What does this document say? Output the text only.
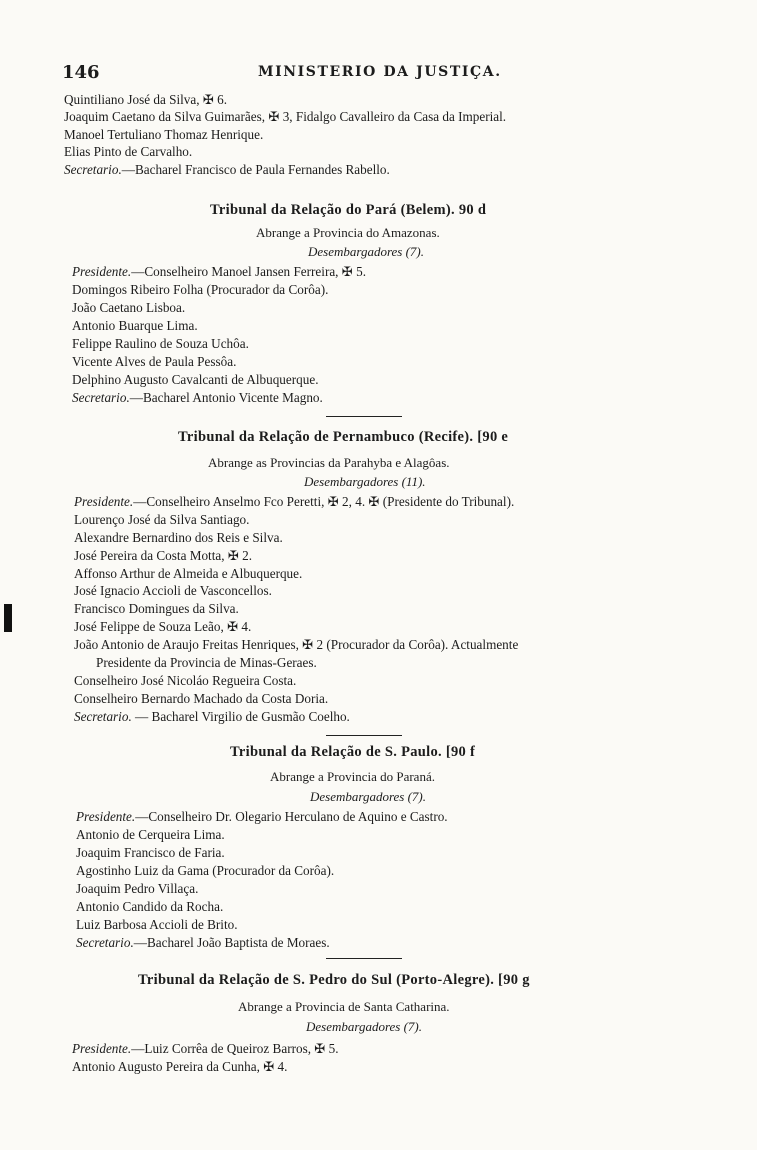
146	MINISTERIO DA JUSTIÇA.
Quintiliano José da Silva, ✠ 6.
Joaquim Caetano da Silva Guimarães, ✠ 3, Fidalgo Cavalleiro da Casa da Imperial.
Manoel Tertuliano Thomaz Henrique.
Elias Pinto de Carvalho.
Secretario.—Bacharel Francisco de Paula Fernandes Rabello.
Tribunal da Relação do Pará (Belem). 90 d
Abrange a Provincia do Amazonas.
Desembargadores (7).
Presidente.—Conselheiro Manoel Jansen Ferreira, ✠ 5.
Domingos Ribeiro Folha (Procurador da Corôa).
João Caetano Lisboa.
Antonio Buarque Lima.
Felippe Raulino de Souza Uchôa.
Vicente Alves de Paula Pessôa.
Delphino Augusto Cavalcanti de Albuquerque.
Secretario.—Bacharel Antonio Vicente Magno.
Tribunal da Relação de Pernambuco (Recife). [90 e
Abrange as Provincias da Parahyba e Alagôas.
Desembargadores (11).
Presidente.—Conselheiro Anselmo Fco Peretti, ✠ 2, 4. ✠ (Presidente do Tribunal).
Lourenço José da Silva Santiago.
Alexandre Bernardino dos Reis e Silva.
José Pereira da Costa Motta, ✠ 2.
Affonso Arthur de Almeida e Albuquerque.
José Ignacio Accioli de Vasconcellos.
Francisco Domingues da Silva.
José Felippe de Souza Leão, ✠ 4.
João Antonio de Araujo Freitas Henriques, ✠ 2 (Procurador da Corôa). Actualmente
Presidente da Provincia de Minas-Geraes.
Conselheiro José Nicoláo Regueira Costa.
Conselheiro Bernardo Machado da Costa Doria.
Secretario. — Bacharel Virgilio de Gusmão Coelho.
Tribunal da Relação de S. Paulo. [90 f
Abrange a Provincia do Paraná.
Desembargadores (7).
Presidente.—Conselheiro Dr. Olegario Herculano de Aquino e Castro.
Antonio de Cerqueira Lima.
Joaquim Francisco de Faria.
Agostinho Luiz da Gama (Procurador da Corôa).
Joaquim Pedro Villaça.
Antonio Candido da Rocha.
Luiz Barbosa Accioli de Brito.
Secretario.—Bacharel João Baptista de Moraes.
Tribunal da Relação de S. Pedro do Sul (Porto-Alegre). [90 g
Abrange a Provincia de Santa Catharina.
Desembargadores (7).
Presidente.—Luiz Corrêa de Queiroz Barros, ✠ 5.
Antonio Augusto Pereira da Cunha, ✠ 4.
